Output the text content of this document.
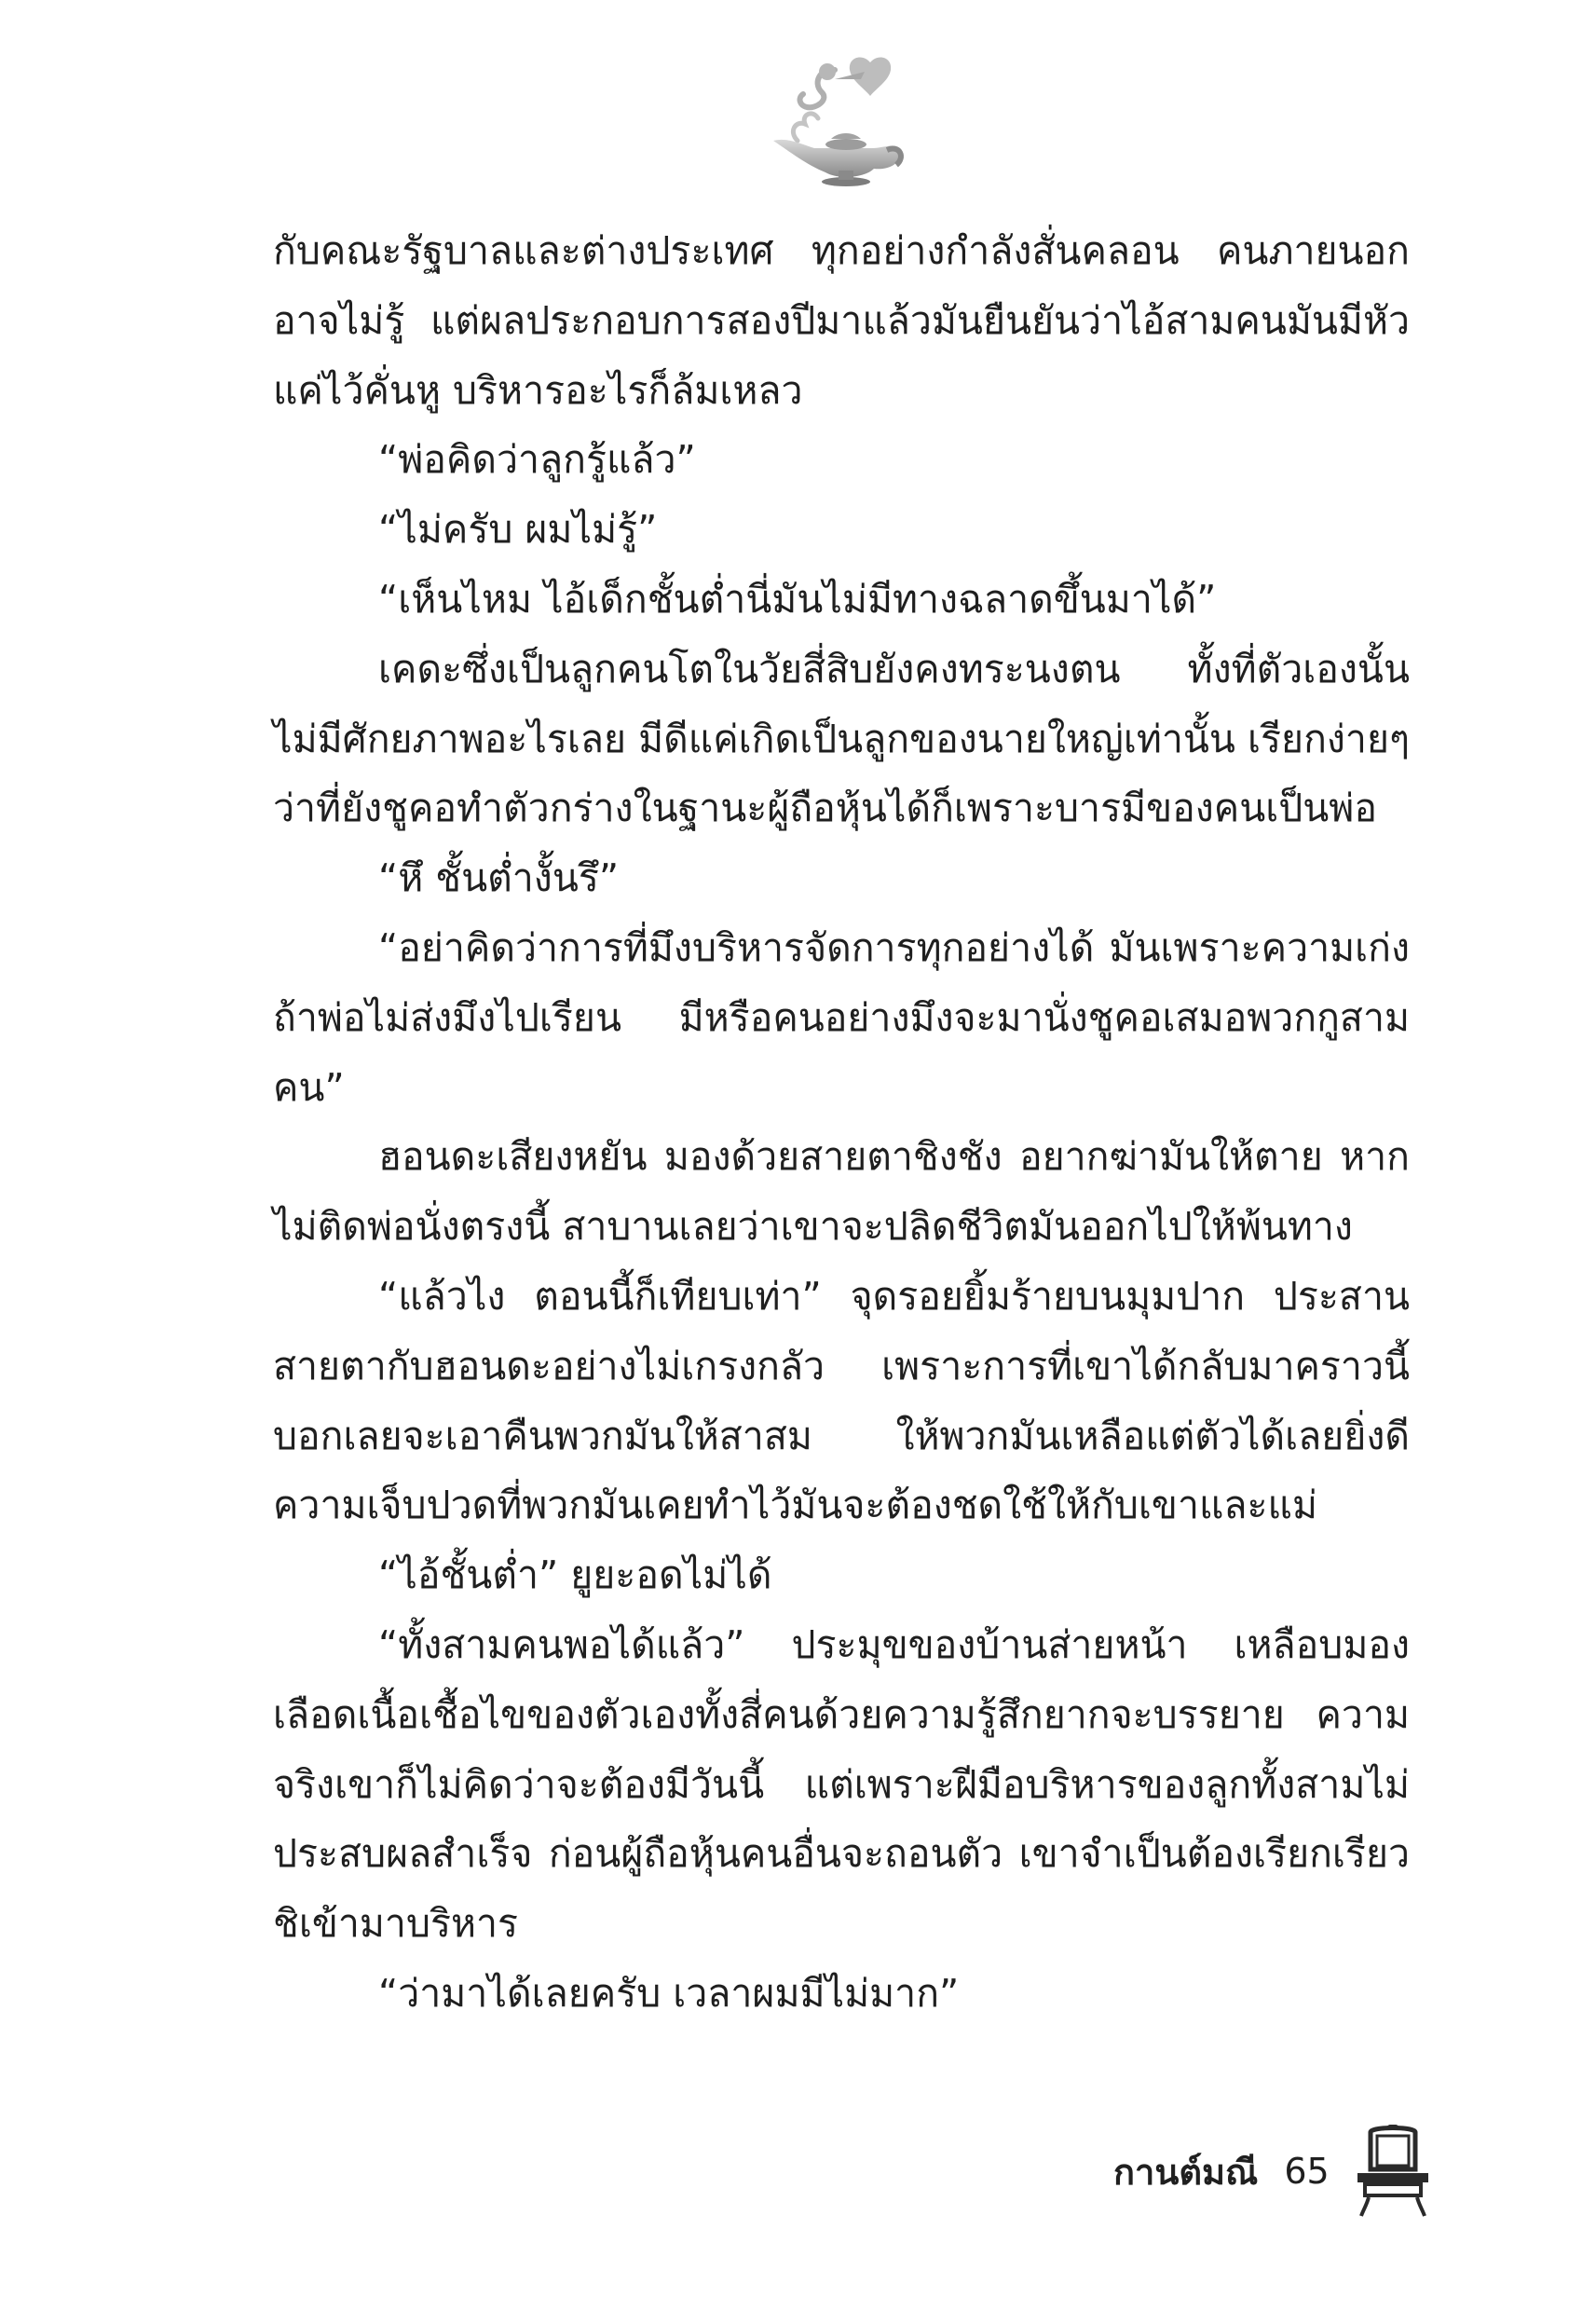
กับคณะรัฐบาลและต่างประเทศ ทุกอย่างกำลังสั่นคลอน คนภายนอกอาจไม่รู้ แต่ผลประกอบการสองปีมาแล้วมันยืนยันว่าไอ้สามคนมันมีหัวแค่ไว้คั่นหู บริหารอะไรก็ล้มเหลว

“พ่อคิดว่าลูกรู้แล้ว”

“ไม่ครับ ผมไม่รู้”

“เห็นไหม ไอ้เด็กชั้นต่ำนี่มันไม่มีทางฉลาดขึ้นมาได้”

เคดะซึ่งเป็นลูกคนโตในวัยสี่สิบยังคงทระนงตน ทั้งที่ตัวเองนั้นไม่มีศักยภาพอะไรเลย มีดีแค่เกิดเป็นลูกของนายใหญ่เท่านั้น เรียกง่ายๆ ว่าที่ยังชูคอทำตัวกร่างในฐานะผู้ถือหุ้นได้ก็เพราะบารมีของคนเป็นพ่อ

“หึ ชั้นต่ำงั้นรึ”

“อย่าคิดว่าการที่มึงบริหารจัดการทุกอย่างได้ มันเพราะความเก่ง ถ้าพ่อไม่ส่งมึงไปเรียน มีหรือคนอย่างมึงจะมานั่งชูคอเสมอพวกกูสามคน”

ฮอนดะเสียงหยัน มองด้วยสายตาชิงชัง อยากฆ่ามันให้ตาย หากไม่ติดพ่อนั่งตรงนี้ สาบานเลยว่าเขาจะปลิดชีวิตมันออกไปให้พ้นทาง

“แล้วไง ตอนนี้ก็เทียบเท่า” จุดรอยยิ้มร้ายบนมุมปาก ประสานสายตากับฮอนดะอย่างไม่เกรงกลัว เพราะการที่เขาได้กลับมาคราวนี้บอกเลยจะเอาคืนพวกมันให้สาสม ให้พวกมันเหลือแต่ตัวได้เลยยิ่งดี ความเจ็บปวดที่พวกมันเคยทำไว้มันจะต้องชดใช้ให้กับเขาและแม่

“ไอ้ชั้นต่ำ” ยูยะอดไม่ได้

“ทั้งสามคนพอได้แล้ว” ประมุขของบ้านส่ายหน้า เหลือบมองเลือดเนื้อเชื้อไขของตัวเองทั้งสี่คนด้วยความรู้สึกยากจะบรรยาย ความจริงเขาก็ไม่คิดว่าจะต้องมีวันนี้ แต่เพราะฝีมือบริหารของลูกทั้งสามไม่ประสบผลสำเร็จ ก่อนผู้ถือหุ้นคนอื่นจะถอนตัว เขาจำเป็นต้องเรียกเรียวชิเข้ามาบริหาร

“ว่ามาได้เลยครับ เวลาผมมีไม่มาก”

กานต์มณี 65
